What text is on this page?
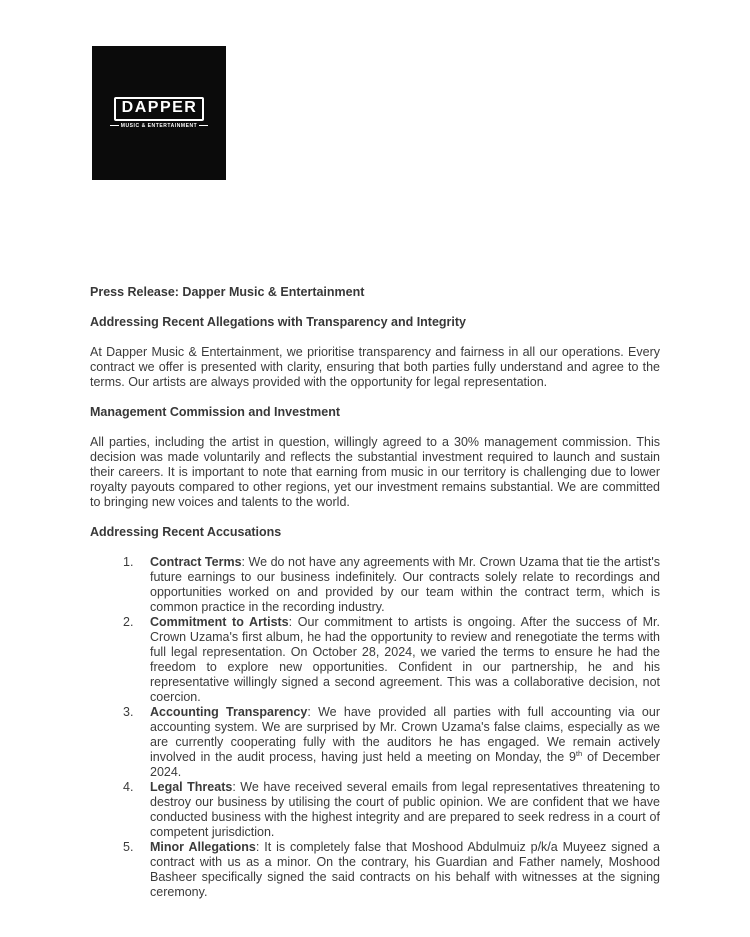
DAPPER
MUSIC & ENTERTAINMENT
Press Release: Dapper Music & Entertainment
Addressing Recent Allegations with Transparency and Integrity
At Dapper Music & Entertainment, we prioritise transparency and fairness in all our operations. Every contract we offer is presented with clarity, ensuring that both parties fully understand and agree to the terms. Our artists are always provided with the opportunity for legal representation.
Management Commission and Investment
All parties, including the artist in question, willingly agreed to a 30% management commission. This decision was made voluntarily and reflects the substantial investment required to launch and sustain their careers. It is important to note that earning from music in our territory is challenging due to lower royalty payouts compared to other regions, yet our investment remains substantial. We are committed to bringing new voices and talents to the world.
Addressing Recent Accusations
1.	Contract Terms: We do not have any agreements with Mr. Crown Uzama that tie the artist's future earnings to our business indefinitely. Our contracts solely relate to recordings and opportunities worked on and provided by our team within the contract term, which is common practice in the recording industry.
2.	Commitment to Artists: Our commitment to artists is ongoing. After the success of Mr. Crown Uzama's first album, he had the opportunity to review and renegotiate the terms with full legal representation. On October 28, 2024, we varied the terms to ensure he had the freedom to explore new opportunities. Confident in our partnership, he and his representative willingly signed a second agreement. This was a collaborative decision, not coercion.
3.	Accounting Transparency: We have provided all parties with full accounting via our accounting system. We are surprised by Mr. Crown Uzama's false claims, especially as we are currently cooperating fully with the auditors he has engaged. We remain actively involved in the audit process, having just held a meeting on Monday, the 9th of December 2024.
4.	Legal Threats: We have received several emails from legal representatives threatening to destroy our business by utilising the court of public opinion. We are confident that we have conducted business with the highest integrity and are prepared to seek redress in a court of competent jurisdiction.
5.	Minor Allegations: It is completely false that Moshood Abdulmuiz p/k/a Muyeez signed a contract with us as a minor. On the contrary, his Guardian and Father namely, Moshood Basheer specifically signed the said contracts on his behalf with witnesses at the signing ceremony.
